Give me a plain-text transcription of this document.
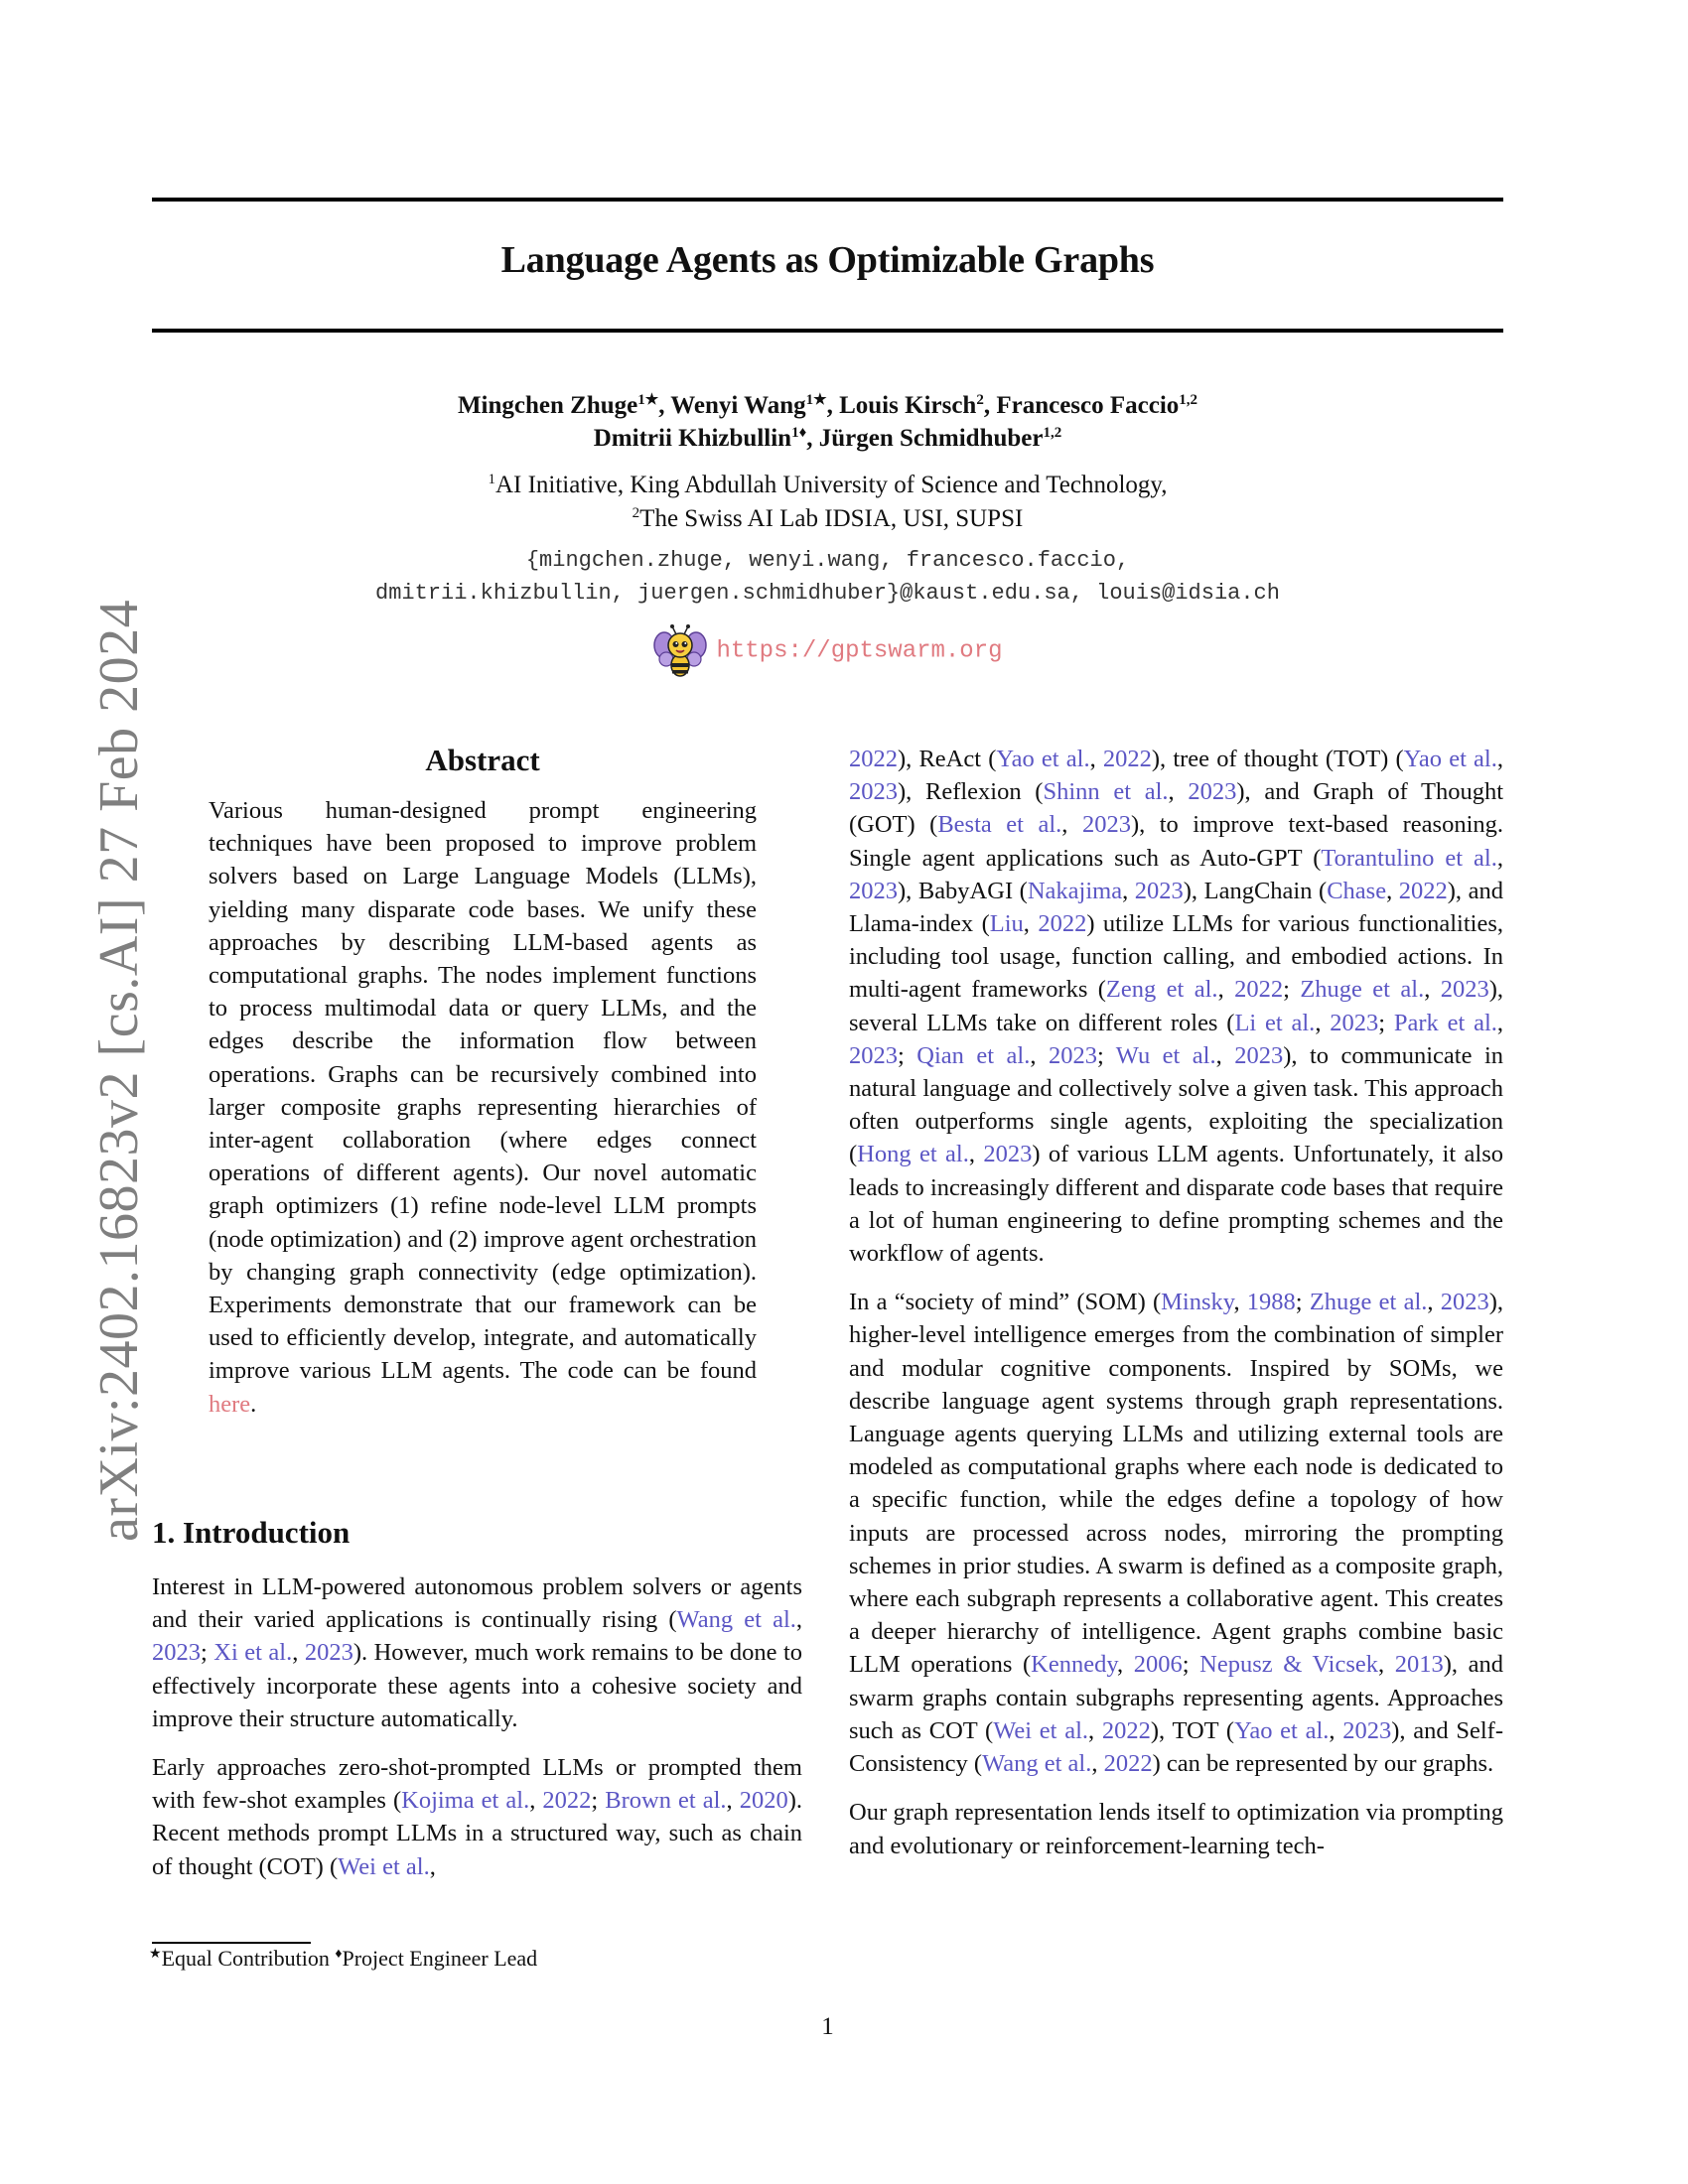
arXiv:2402.16823v2 [cs.AI] 27 Feb 2024
Language Agents as Optimizable Graphs
Mingchen Zhuge$^{1★}$, Wenyi Wang$^{1★}$, Louis Kirsch$^2$, Francesco Faccio$^{1,2}$
Dmitrii Khizbullin$^{1♦}$, Jürgen Schmidhuber$^{1,2}$
$^1$AI Initiative, King Abdullah University of Science and Technology,
$^2$The Swiss AI Lab IDSIA, USI, SUPSI
{mingchen.zhuge, wenyi.wang, francesco.faccio,
dmitrii.khizbullin, juergen.schmidhuber}@kaust.edu.sa, louis@idsia.ch
https://gptswarm.org
Abstract

Various human-designed prompt engineering techniques have been proposed to improve problem solvers based on Large Language Models (LLMs), yielding many disparate code bases. We unify these approaches by describing LLM-based agents as computational graphs. The nodes implement functions to process multimodal data or query LLMs, and the edges describe the information flow between operations. Graphs can be recursively combined into larger composite graphs representing hierarchies of inter-agent collaboration (where edges connect operations of different agents). Our novel automatic graph optimizers (1) refine node-level LLM prompts (node optimization) and (2) improve agent orchestration by changing graph connectivity (edge optimization). Experiments demonstrate that our framework can be used to efficiently develop, integrate, and automatically improve various LLM agents. The code can be found here.

1. Introduction

Interest in LLM-powered autonomous problem solvers or agents and their varied applications is continually rising (Wang et al., 2023; Xi et al., 2023). However, much work remains to be done to effectively incorporate these agents into a cohesive society and improve their structure automatically.

Early approaches zero-shot-prompted LLMs or prompted them with few-shot examples (Kojima et al., 2022; Brown et al., 2020). Recent methods prompt LLMs in a structured way, such as chain of thought (COT) (Wei et al.,

2022), ReAct (Yao et al., 2022), tree of thought (TOT) (Yao et al., 2023), Reflexion (Shinn et al., 2023), and Graph of Thought (GOT) (Besta et al., 2023), to improve text-based reasoning. Single agent applications such as Auto-GPT (Torantulino et al., 2023), BabyAGI (Nakajima, 2023), LangChain (Chase, 2022), and Llama-index (Liu, 2022) utilize LLMs for various functionalities, including tool usage, function calling, and embodied actions. In multi-agent frameworks (Zeng et al., 2022; Zhuge et al., 2023), several LLMs take on different roles (Li et al., 2023; Park et al., 2023; Qian et al., 2023; Wu et al., 2023), to communicate in natural language and collectively solve a given task. This approach often outperforms single agents, exploiting the specialization (Hong et al., 2023) of various LLM agents. Unfortunately, it also leads to increasingly different and disparate code bases that require a lot of human engineering to define prompting schemes and the workflow of agents.

In a “society of mind” (SOM) (Minsky, 1988; Zhuge et al., 2023), higher-level intelligence emerges from the combination of simpler and modular cognitive components. Inspired by SOMs, we describe language agent systems through graph representations. Language agents querying LLMs and utilizing external tools are modeled as computational graphs where each node is dedicated to a specific function, while the edges define a topology of how inputs are processed across nodes, mirroring the prompting schemes in prior studies. A swarm is defined as a composite graph, where each subgraph represents a collaborative agent. This creates a deeper hierarchy of intelligence. Agent graphs combine basic LLM operations (Kennedy, 2006; Nepusz & Vicsek, 2013), and swarm graphs contain subgraphs representing agents. Approaches such as COT (Wei et al., 2022), TOT (Yao et al., 2023), and Self-Consistency (Wang et al., 2022) can be represented by our graphs.

Our graph representation lends itself to optimization via prompting and evolutionary or reinforcement-learning tech-

★Equal Contribution ♦Project Engineer Lead
1
